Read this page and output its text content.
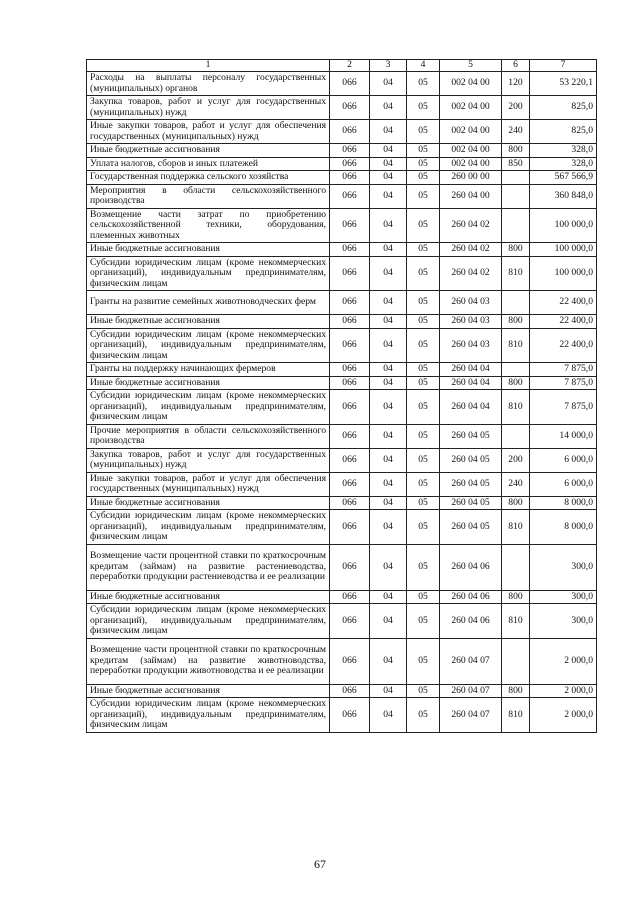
1	2	3	4	5	6	7
Расходы на выплаты персоналу государственных (муниципальных) органов	066	04	05	002 04 00	120	53 220,1
Закупка товаров, работ и услуг для государственных (муниципальных) нужд	066	04	05	002 04 00	200	825,0
Иные закупки товаров, работ и услуг для обеспечения государственных (муниципальных) нужд	066	04	05	002 04 00	240	825,0
Иные бюджетные ассигнования	066	04	05	002 04 00	800	328,0
Уплата налогов, сборов и иных платежей	066	04	05	002 04 00	850	328,0
Государственная поддержка сельского хозяйства	066	04	05	260 00 00		567 566,9
Мероприятия в области сельскохозяйственного производства	066	04	05	260 04 00		360 848,0
Возмещение части затрат по приобретению сельскохозяйственной техники, оборудования, племенных животных	066	04	05	260 04 02		100 000,0
Иные бюджетные ассигнования	066	04	05	260 04 02	800	100 000,0
Субсидии юридическим лицам (кроме некоммерческих организаций), индивидуальным предпринимателям, физическим лицам	066	04	05	260 04 02	810	100 000,0
Гранты на развитие семейных животноводческих ферм	066	04	05	260 04 03		22 400,0
Иные бюджетные ассигнования	066	04	05	260 04 03	800	22 400,0
Субсидии юридическим лицам (кроме некоммерческих организаций), индивидуальным предпринимателям, физическим лицам	066	04	05	260 04 03	810	22 400,0
Гранты на поддержку начинающих фермеров	066	04	05	260 04 04		7 875,0
Иные бюджетные ассигнования	066	04	05	260 04 04	800	7 875,0
Субсидии юридическим лицам (кроме некоммерческих организаций), индивидуальным предпринимателям, физическим лицам	066	04	05	260 04 04	810	7 875,0
Прочие мероприятия в области сельскохозяйственного производства	066	04	05	260 04 05		14 000,0
Закупка товаров, работ и услуг для государственных (муниципальных) нужд	066	04	05	260 04 05	200	6 000,0
Иные закупки товаров, работ и услуг для обеспечения государственных (муниципальных) нужд	066	04	05	260 04 05	240	6 000,0
Иные бюджетные ассигнования	066	04	05	260 04 05	800	8 000,0
Субсидии юридическим лицам (кроме некоммерческих организаций), индивидуальным предпринимателям, физическим лицам	066	04	05	260 04 05	810	8 000,0
Возмещение части процентной ставки по краткосрочным кредитам (займам) на развитие растениеводства, переработки продукции растениеводства и ее реализации	066	04	05	260 04 06		300,0
Иные бюджетные ассигнования	066	04	05	260 04 06	800	300,0
Субсидии юридическим лицам (кроме некоммерческих организаций), индивидуальным предпринимателям, физическим лицам	066	04	05	260 04 06	810	300,0
Возмещение части процентной ставки по краткосрочным кредитам (займам) на развитие животноводства, переработки продукции животноводства и ее реализации	066	04	05	260 04 07		2 000,0
Иные бюджетные ассигнования	066	04	05	260 04 07	800	2 000,0
Субсидии юридическим лицам (кроме некоммерческих организаций), индивидуальным предпринимателям, физическим лицам	066	04	05	260 04 07	810	2 000,0
67
